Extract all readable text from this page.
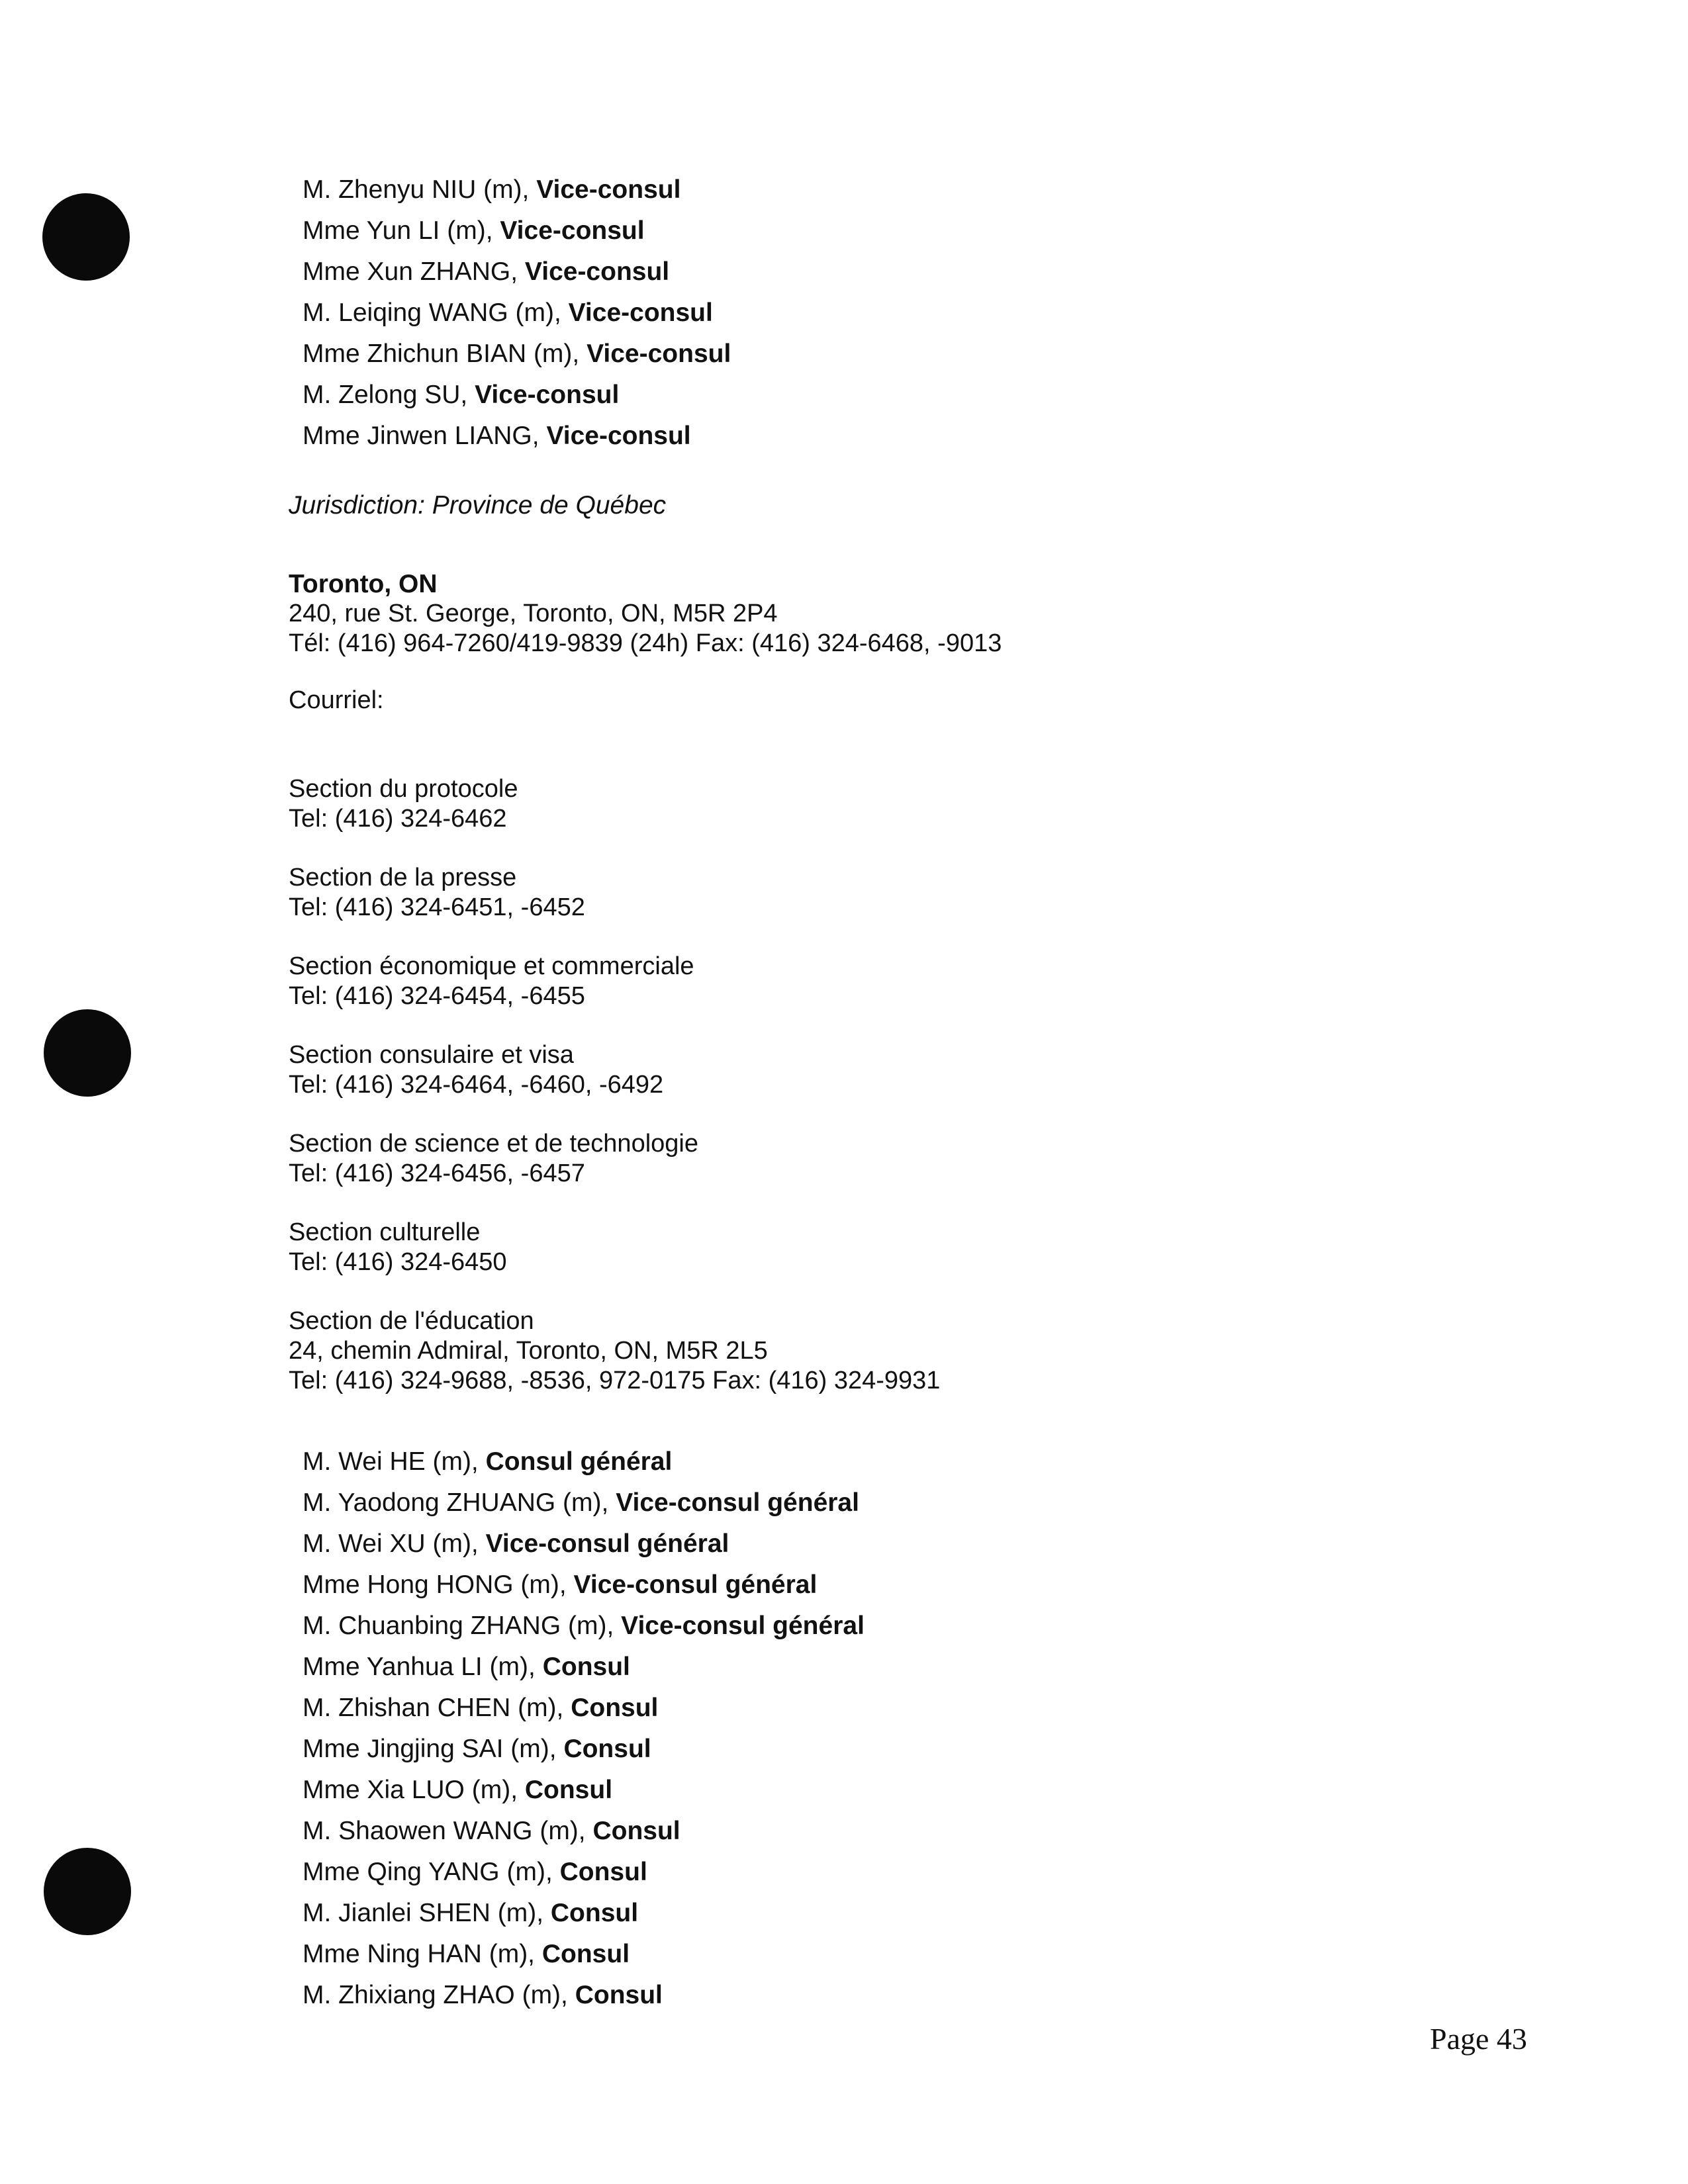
M. Zhenyu NIU (m), Vice-consul
Mme Yun LI (m), Vice-consul
Mme Xun ZHANG, Vice-consul
M. Leiqing WANG (m), Vice-consul
Mme Zhichun BIAN (m), Vice-consul
M. Zelong SU, Vice-consul
Mme Jinwen LIANG, Vice-consul
Jurisdiction: Province de Québec
Toronto, ON
240, rue St. George, Toronto, ON, M5R 2P4
Tél: (416) 964-7260/419-9839 (24h) Fax: (416) 324-6468, -9013
Courriel:
Section du protocole
Tel: (416) 324-6462
Section de la presse
Tel: (416) 324-6451, -6452
Section économique et commerciale
Tel: (416) 324-6454, -6455
Section consulaire et visa
Tel: (416) 324-6464, -6460, -6492
Section de science et de technologie
Tel: (416) 324-6456, -6457
Section culturelle
Tel: (416) 324-6450
Section de l'éducation
24, chemin Admiral, Toronto, ON, M5R 2L5
Tel: (416) 324-9688, -8536, 972-0175 Fax: (416) 324-9931
M. Wei HE (m), Consul général
M. Yaodong ZHUANG (m), Vice-consul général
M. Wei XU (m), Vice-consul général
Mme Hong HONG (m), Vice-consul général
M. Chuanbing ZHANG (m), Vice-consul général
Mme Yanhua LI (m), Consul
M. Zhishan CHEN (m), Consul
Mme Jingjing SAI (m), Consul
Mme Xia LUO (m), Consul
M. Shaowen WANG (m), Consul
Mme Qing YANG (m), Consul
M. Jianlei SHEN (m), Consul
Mme Ning HAN (m), Consul
M. Zhixiang ZHAO (m), Consul
Page 43
